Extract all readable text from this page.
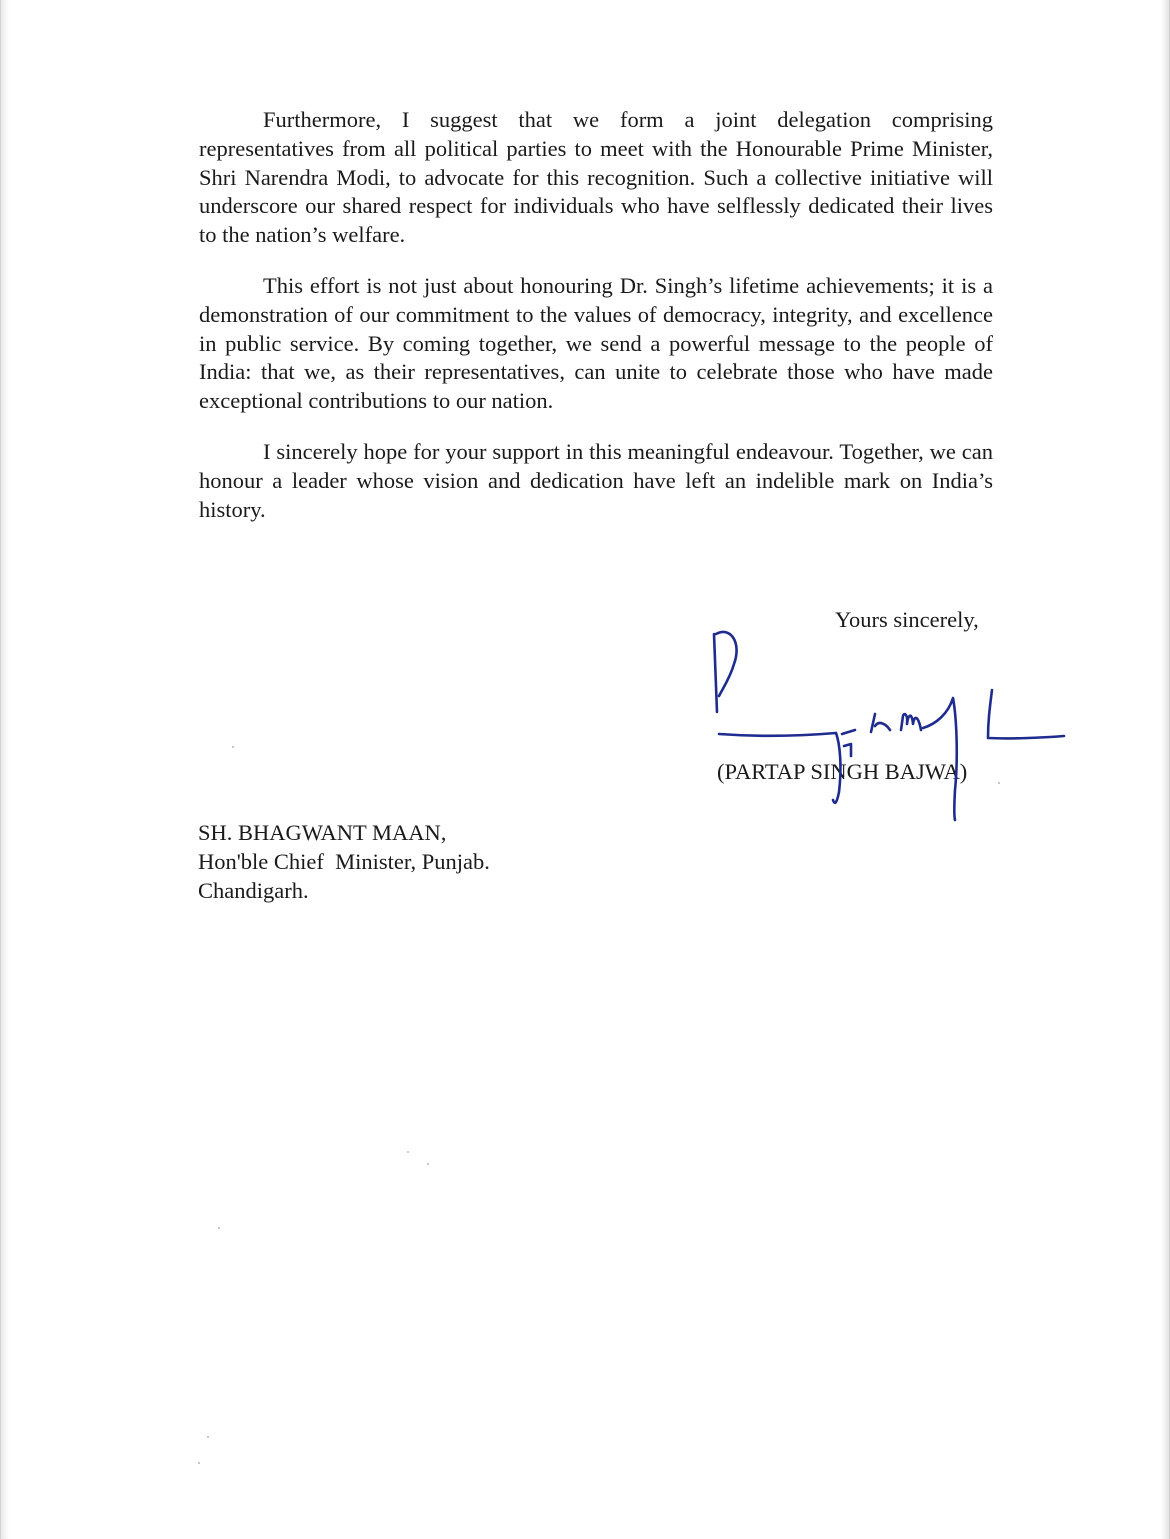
Furthermore, I suggest that we form a joint delegation comprising representatives from all political parties to meet with the Honourable Prime Minister, Shri Narendra Modi, to advocate for this recognition. Such a collective initiative will underscore our shared respect for individuals who have selflessly dedicated their lives to the nation’s welfare.

This effort is not just about honouring Dr. Singh’s lifetime achievements; it is a demonstration of our commitment to the values of democracy, integrity, and excellence in public service. By coming together, we send a powerful message to the people of India: that we, as their representatives, can unite to celebrate those who have made exceptional contributions to our nation.

I sincerely hope for your support in this meaningful endeavour. Together, we can honour a leader whose vision and dedication have left an indelible mark on India’s history.

Yours sincerely,
(PARTAP SINGH BAJWA)
SH. BHAGWANT MAAN,
Hon'ble Chief  Minister, Punjab.
Chandigarh.
